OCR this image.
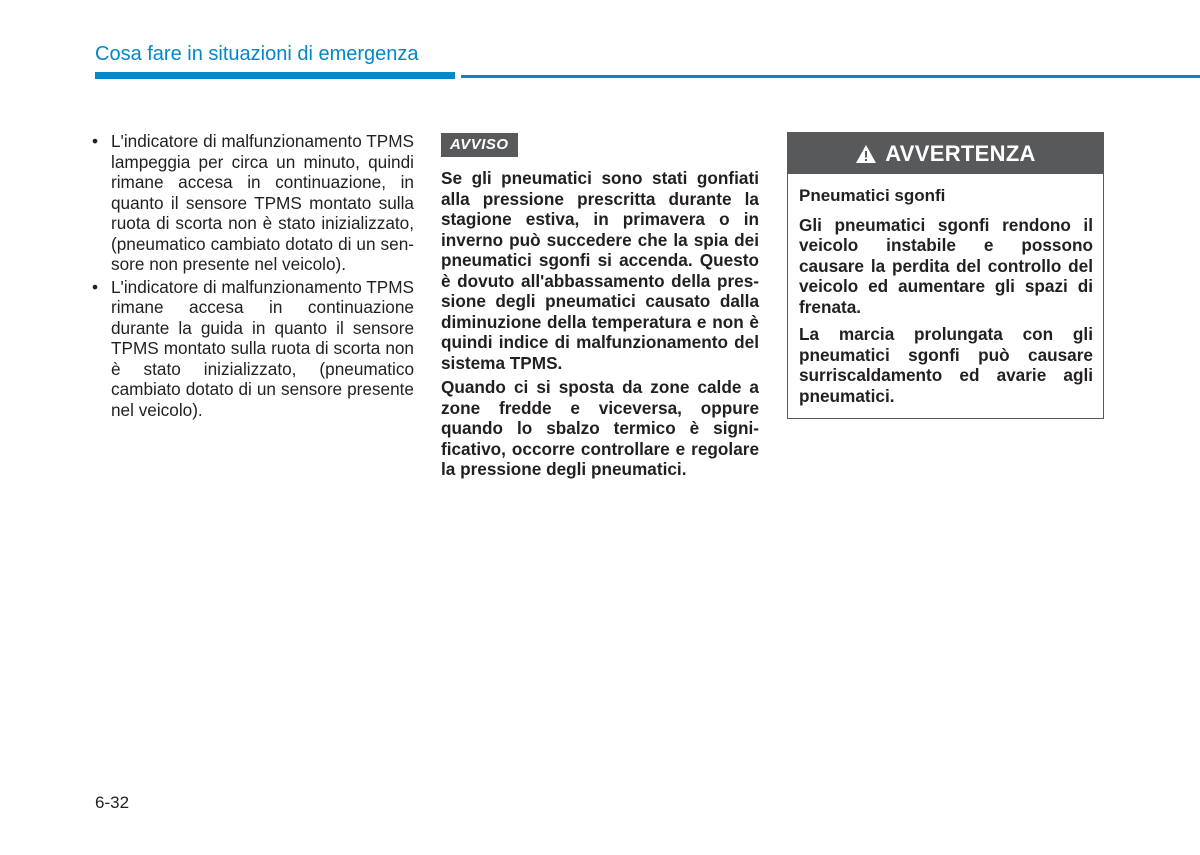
Cosa fare in situazioni di emergenza
• L'indicatore di malfunzionamento TPMS lampeggia per circa un minuto, quindi rimane accesa in continuazione, in quanto il sensore TPMS montato sulla ruota di scorta non è stato inizializzato, (pneumatico cambiato dotato di un sensore non presente nel veicolo).
• L'indicatore di malfunzionamento TPMS rimane accesa in continuazione durante la guida in quanto il sensore TPMS montato sulla ruota di scorta non è stato inizializzato, (pneumatico cambiato dotato di un sensore presente nel veicolo).
AVVISO

Se gli pneumatici sono stati gonfiati alla pressione prescritta durante la stagione estiva, in primavera o in inverno può succedere che la spia dei pneumatici sgonfi si accenda. Questo è dovuto all'abbassamento della pressione degli pneumatici causato dalla diminuzione della temperatura e non è quindi indice di malfunzionamento del sistema TPMS.

Quando ci si sposta da zone calde a zone fredde e viceversa, oppure quando lo sbalzo termico è significativo, occorre controllare e regolare la pressione degli pneumatici.

AVVERTENZA

Pneumatici sgonfi

Gli pneumatici sgonfi rendono il veicolo instabile e possono causare la perdita del controllo del veicolo ed aumentare gli spazi di frenata.

La marcia prolungata con gli pneumatici sgonfi può causare surriscaldamento ed avarie agli pneumatici.

6-32
